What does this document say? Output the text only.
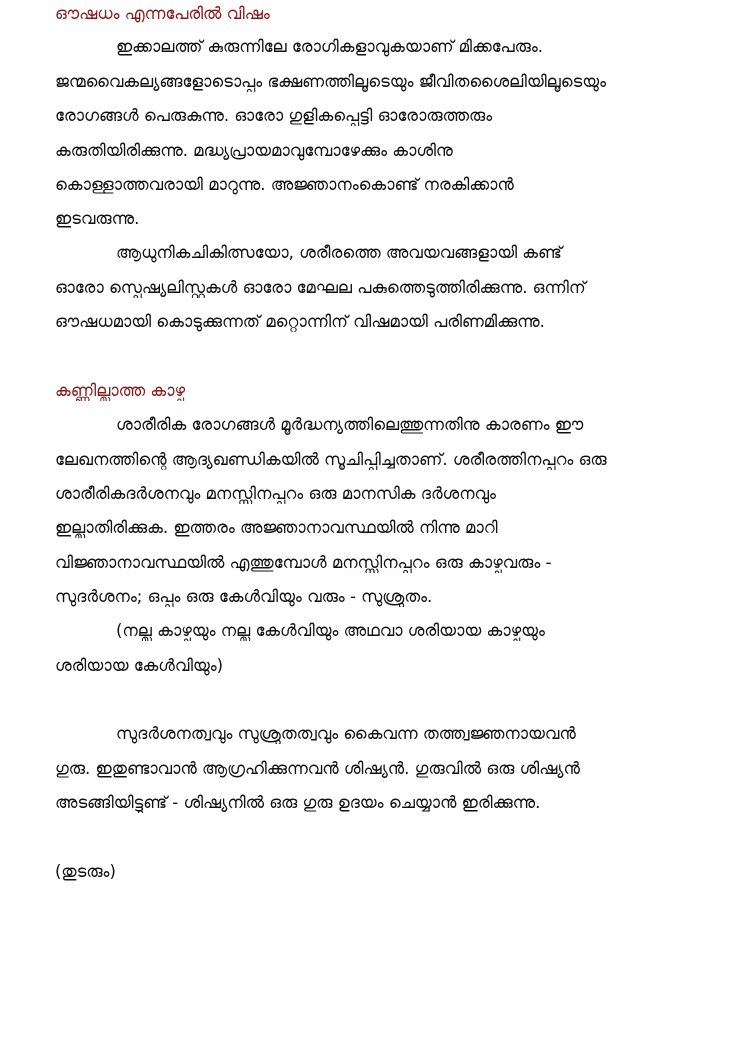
ഔഷധം എന്നപേരിൽ വിഷം
ഇക്കാലത്ത് കുരുന്നിലേ രോഗികളാവുകയാണ് മിക്കപേരും.
ജന്മവൈകല്യങ്ങളോടൊപ്പം ഭക്ഷണത്തിലൂടെയും ജീവിതശൈലിയിലൂടെയും
രോഗങ്ങൾ പെരുകുന്നു. ഓരോ ഗുളികപ്പെട്ടി ഓരോരുത്തരും
കരുതിയിരിക്കുന്നു. മദ്ധ്യപ്രായമാവുമ്പോഴേക്കും കാശിനു
കൊള്ളാത്തവരായി മാറുന്നു. അജ്ഞാനംകൊണ്ട് നരകിക്കാൻ
ഇടവരുന്നു.
ആധുനികചികിത്സയോ, ശരീരത്തെ അവയവങ്ങളായി കണ്ട്
ഓരോ സ്പെഷ്യലിസ്റ്റുകൾ ഓരോ മേഘല പകുത്തെടുത്തിരിക്കുന്നു. ഒന്നിന്
ഔഷധമായി കൊടുക്കുന്നത് മറ്റൊന്നിന് വിഷമായി പരിണമിക്കുന്നു.
കണ്ണില്ലാത്ത കാഴ്ച
ശാരീരിക രോഗങ്ങൾ മൂർദ്ധന്യത്തിലെത്തുന്നതിനു കാരണം ഈ
ലേഖനത്തിന്റെ ആദ്യഖണ്ഡികയിൽ സൂചിപ്പിച്ചതാണ്. ശരീരത്തിനപ്പുറം ഒരു
ശാരീരികദർശനവും മനസ്സിനപ്പുറം ഒരു മാനസിക ദർശനവും
ഇല്ലാതിരിക്കുക. ഇത്തരം അജ്ഞാനാവസ്ഥയിൽ നിന്നു മാറി
വിജ്ഞാനാവസ്ഥയിൽ എത്തുമ്പോൾ മനസ്സിനപ്പുറം ഒരു കാഴ്ചവരും -
സുദർശനം; ഒപ്പം ഒരു കേൾവിയും വരും - സുശ്രുതം.
(നല്ല കാഴ്ചയും നല്ല കേൾവിയും അഥവാ ശരിയായ കാഴ്ചയും
ശരിയായ കേൾവിയും)
സുദർശനത്വവും സുശ്രുതത്വവും കൈവന്ന തത്ത്വജ്ഞനായവൻ
ഗുരു. ഇതുണ്ടാവാൻ ആഗ്രഹിക്കുന്നവൻ ശിഷ്യൻ. ഗുരുവിൽ ഒരു ശിഷ്യൻ
അടങ്ങിയിട്ടുണ്ട് - ശിഷ്യനിൽ ഒരു ഗുരു ഉദയം ചെയ്യാൻ ഇരിക്കുന്നു.
(തുടരും)
